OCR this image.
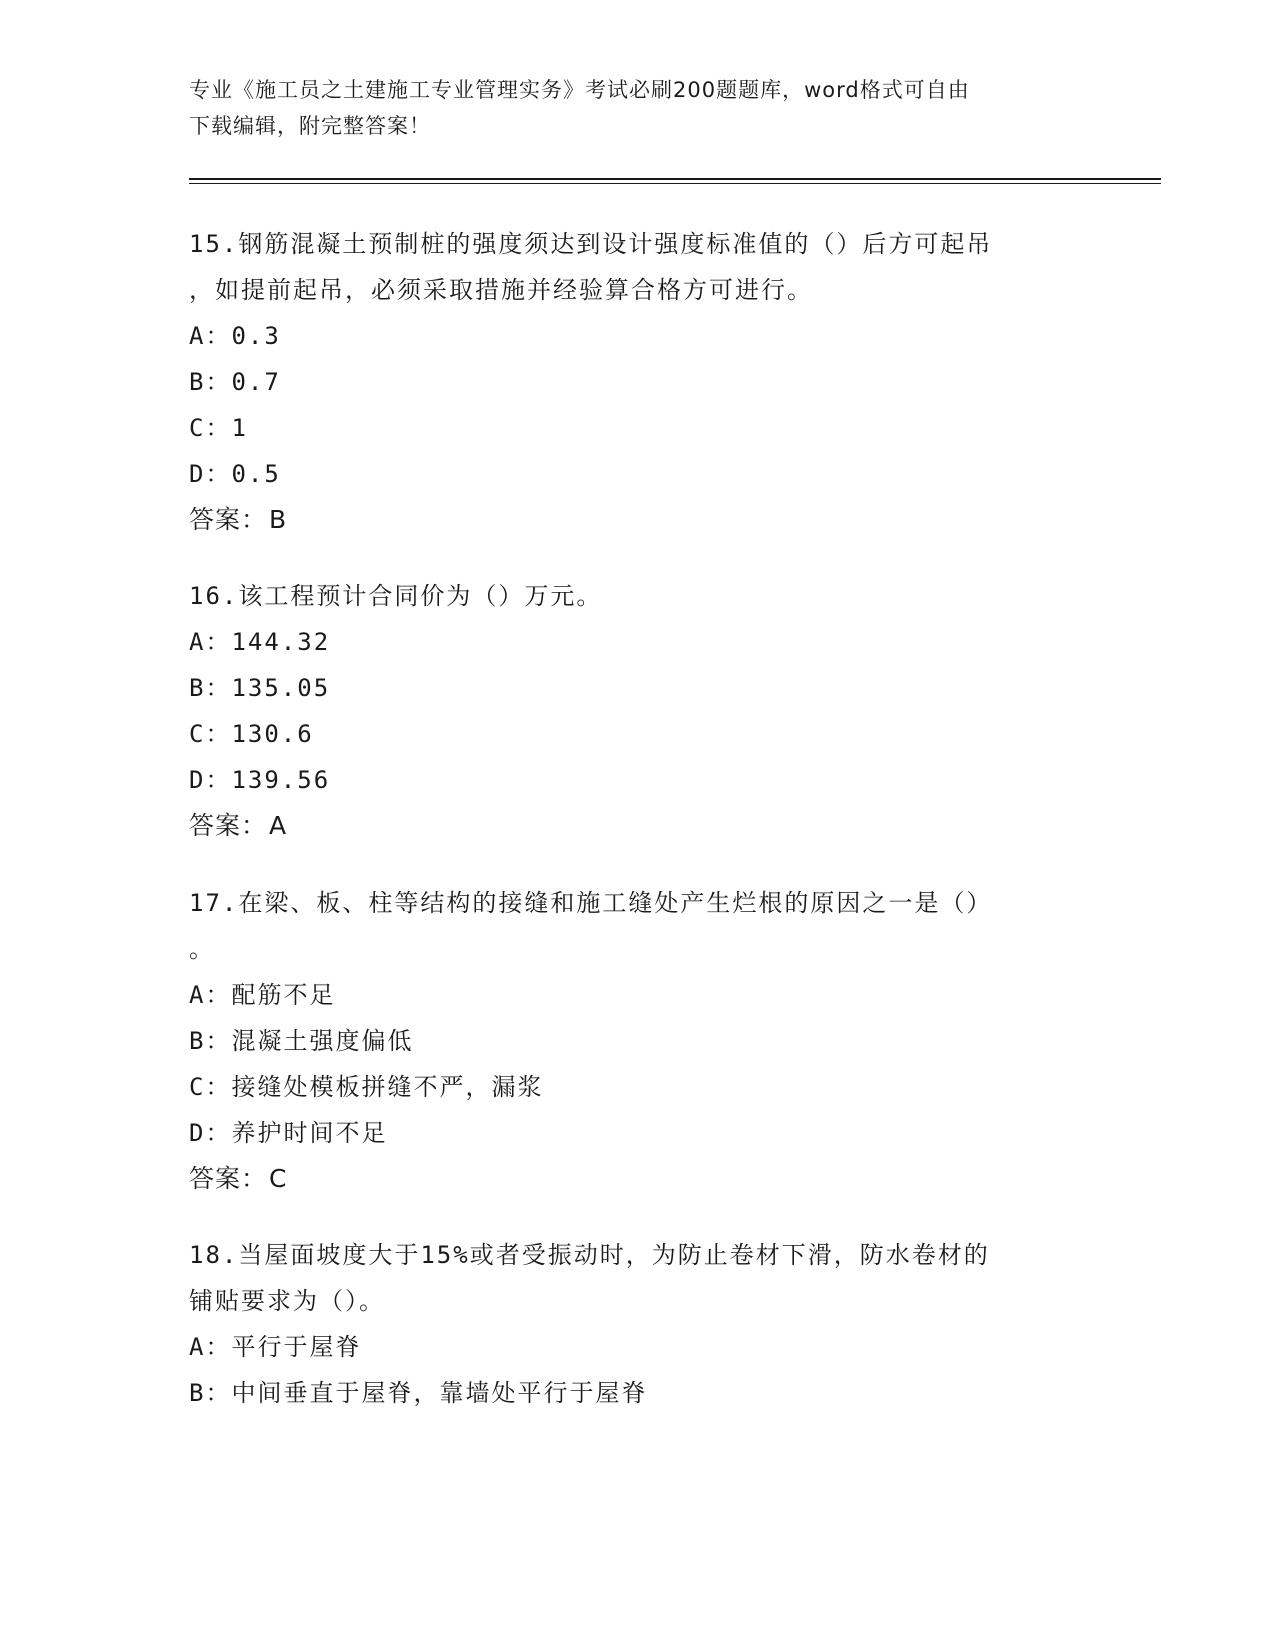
专业《施工员之土建施工专业管理实务》考试必刷200题题库，word格式可自由
下载编辑，附完整答案！

15.钢筋混凝土预制桩的强度须达到设计强度标准值的（）后方可起吊

，如提前起吊，必须采取措施并经验算合格方可进行。

A：0.3

B：0.7

C：1

D：0.5

答案：B

16.该工程预计合同价为（）万元。

A：144.32

B：135.05

C：130.6

D：139.56

答案：A

17.在梁、板、柱等结构的接缝和施工缝处产生烂根的原因之一是（）

。

A：配筋不足

B：混凝土强度偏低

C：接缝处模板拼缝不严，漏浆

D：养护时间不足

答案：C

18.当屋面坡度大于15%或者受振动时，为防止卷材下滑，防水卷材的

铺贴要求为（）。

A：平行于屋脊

B：中间垂直于屋脊，靠墙处平行于屋脊
